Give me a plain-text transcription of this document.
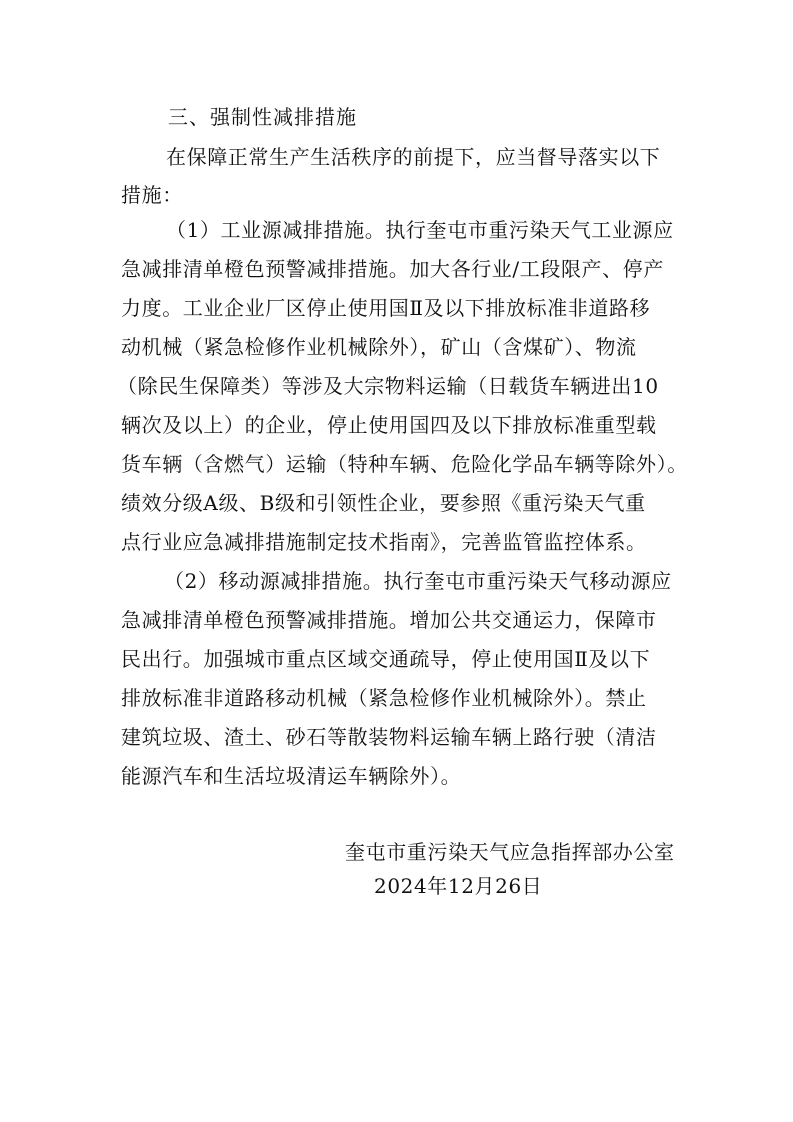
三、强制性减排措施
在保障正常生产生活秩序的前提下，应当督导落实以下
措施：
（1）工业源减排措施。执行奎屯市重污染天气工业源应
急减排清单橙色预警减排措施。加大各行业/工段限产、停产
力度。工业企业厂区停止使用国Ⅱ及以下排放标准非道路移
动机械（紧急检修作业机械除外），矿山（含煤矿）、物流
（除民生保障类）等涉及大宗物料运输（日载货车辆进出10
辆次及以上）的企业，停止使用国四及以下排放标准重型载
货车辆（含燃气）运输（特种车辆、危险化学品车辆等除外）。
绩效分级A级、B级和引领性企业，要参照《重污染天气重
点行业应急减排措施制定技术指南》，完善监管监控体系。
（2）移动源减排措施。执行奎屯市重污染天气移动源应
急减排清单橙色预警减排措施。增加公共交通运力，保障市
民出行。加强城市重点区域交通疏导，停止使用国Ⅱ及以下
排放标准非道路移动机械（紧急检修作业机械除外）。禁止
建筑垃圾、渣土、砂石等散装物料运输车辆上路行驶（清洁
能源汽车和生活垃圾清运车辆除外）。
奎屯市重污染天气应急指挥部办公室
2024年12月26日
